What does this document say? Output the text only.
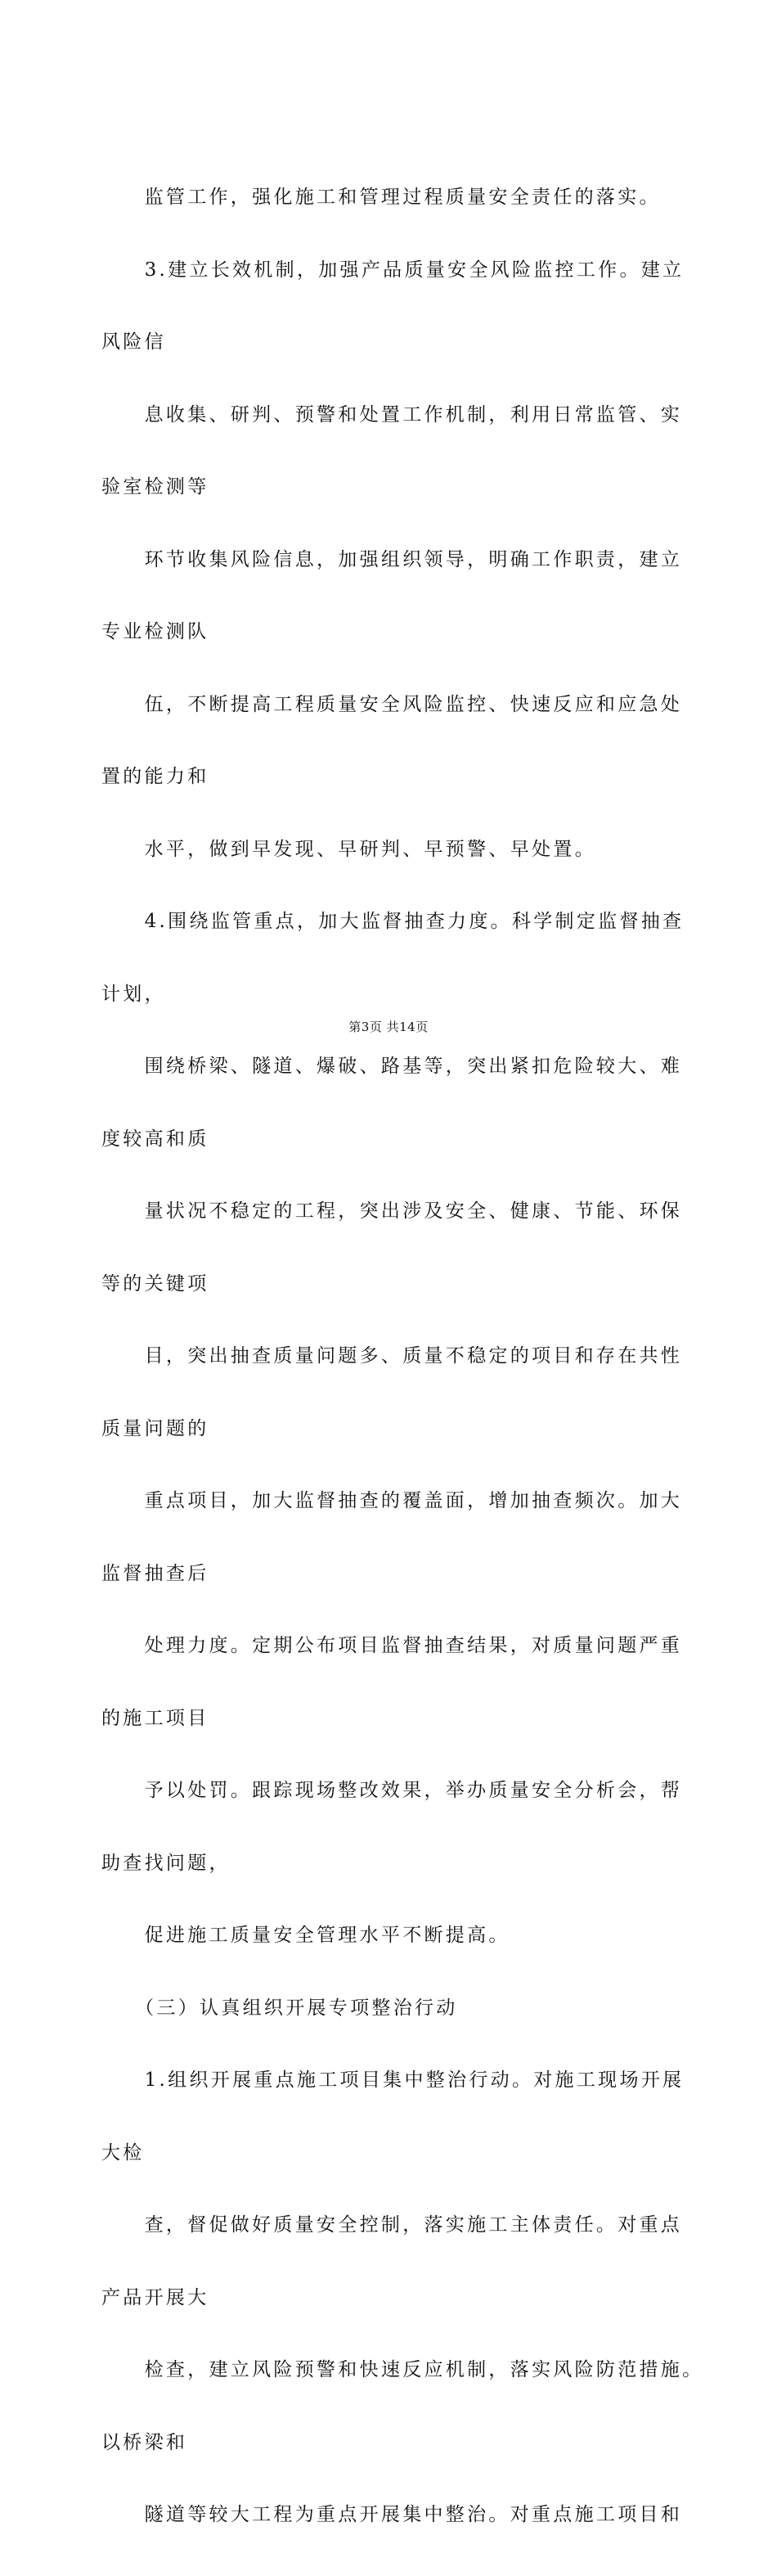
　　监管工作，强化施工和管理过程质量安全责任的落实。

　　3.建立长效机制，加强产品质量安全风险监控工作。建立

风险信

　　息收集、研判、预警和处置工作机制，利用日常监管、实

验室检测等

　　环节收集风险信息，加强组织领导，明确工作职责，建立

专业检测队

　　伍，不断提高工程质量安全风险监控、快速反应和应急处

置的能力和

　　水平，做到早发现、早研判、早预警、早处置。

　　4.围绕监管重点，加大监督抽查力度。科学制定监督抽查

计划，

　　围绕桥梁、隧道、爆破、路基等，突出紧扣危险较大、难

度较高和质

　　量状况不稳定的工程，突出涉及安全、健康、节能、环保

等的关键项

　　目，突出抽查质量问题多、质量不稳定的项目和存在共性

质量问题的

　　重点项目，加大监督抽查的覆盖面，增加抽查频次。加大

监督抽查后

　　处理力度。定期公布项目监督抽查结果，对质量问题严重

的施工项目

　　予以处罚。跟踪现场整改效果，举办质量安全分析会，帮

助查找问题，

　　促进施工质量安全管理水平不断提高。

　　（三）认真组织开展专项整治行动

　　1.组织开展重点施工项目集中整治行动。对施工现场开展

大检

　　查，督促做好质量安全控制，落实施工主体责任。对重点

产品开展大

　　检查，建立风险预警和快速反应机制，落实风险防范措施。

以桥梁和

　　隧道等较大工程为重点开展集中整治。对重点施工项目和

第3页 共14页
